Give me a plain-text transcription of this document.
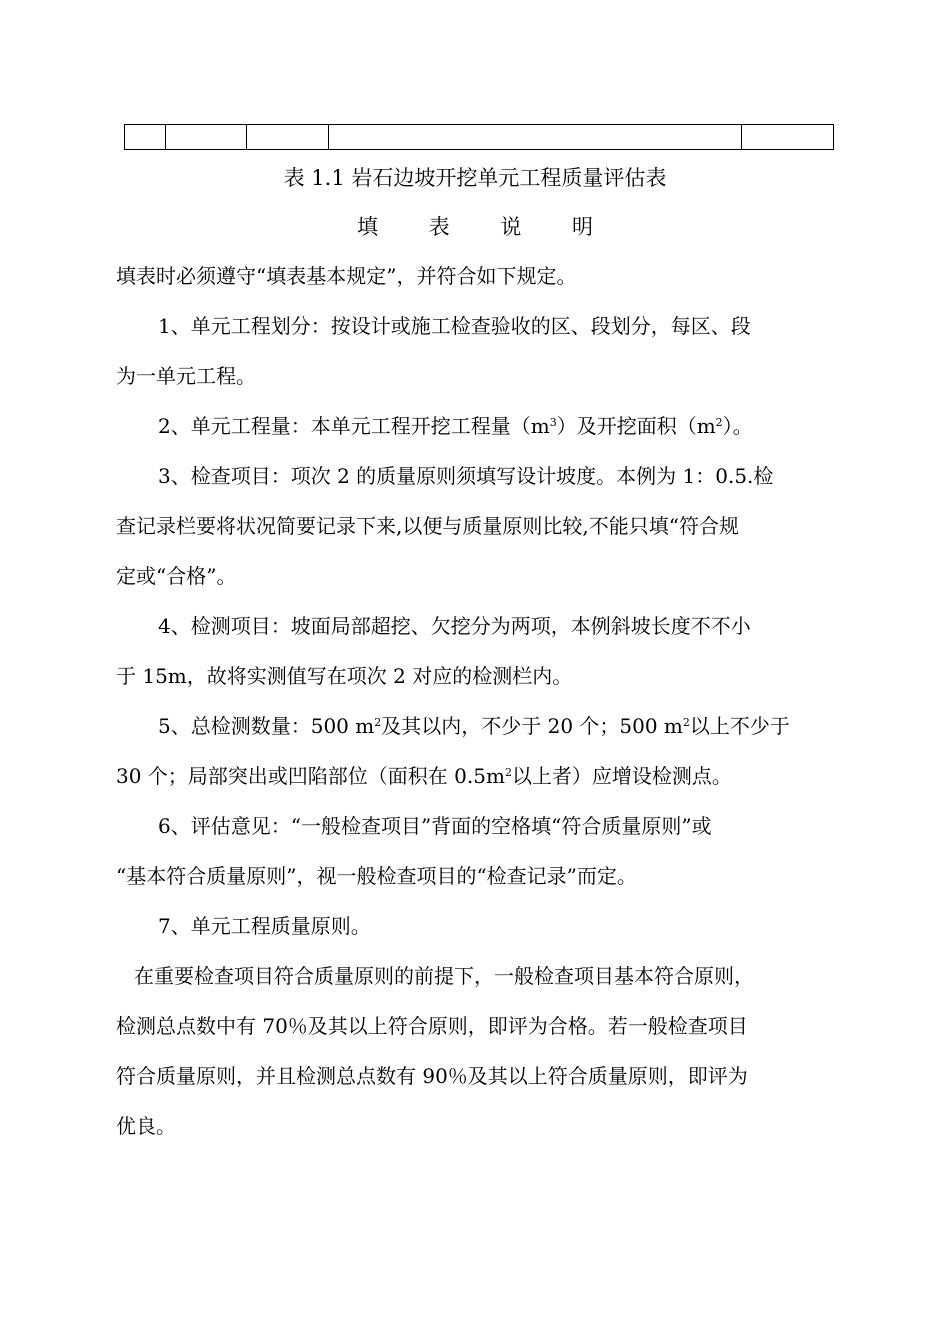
表 1.1 岩石边坡开挖单元工程质量评估表
填 表 说 明
填表时必须遵守“填表基本规定”，并符合如下规定。
1、单元工程划分：按设计或施工检查验收的区、段划分，每区、段
为一单元工程。
2、单元工程量：本单元工程开挖工程量$(m^3)$及开挖面积$(m^2)$。
3、检查项目：项次 2 的质量原则须填写设计坡度。本例为 1：0.5.检
查记录栏要将状况简要记录下来,以便与质量原则比较,不能只填“符合规
定或“合格”。
4、检测项目：坡面局部超挖、欠挖分为两项，本例斜坡长度不不小
于 15m，故将实测值写在项次 2 对应的检测栏内。
5、总检测数量：500 $m^2$及其以内，不少于 20 个；500 $m^2$以上不少于
30 个；局部突出或凹陷部位（面积在 $0.5m^2$以上者）应增设检测点。
6、评估意见：“一般检查项目”背面的空格填“符合质量原则”或
“基本符合质量原则”，视一般检查项目的“检查记录”而定。
7、单元工程质量原则。
在重要检查项目符合质量原则的前提下，一般检查项目基本符合原则，
检测总点数中有 70％及其以上符合原则，即评为合格。若一般检查项目
符合质量原则，并且检测总点数有 90％及其以上符合质量原则，即评为
优良。
